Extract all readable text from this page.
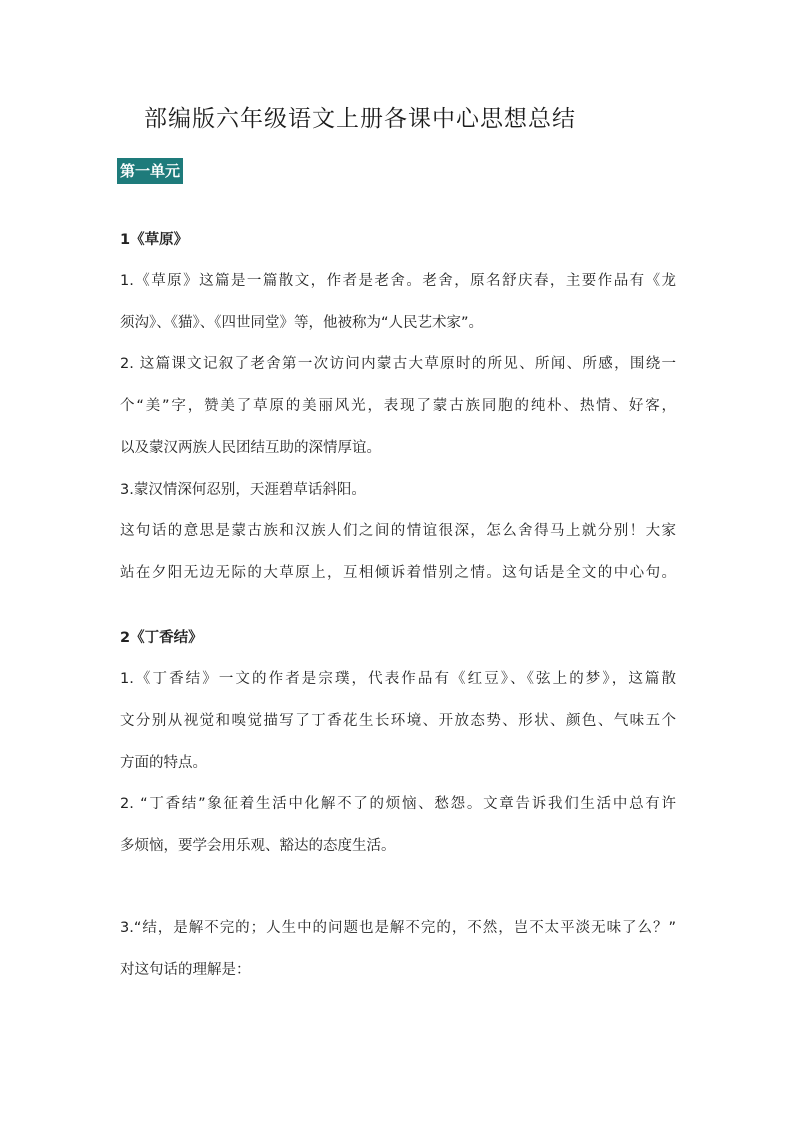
部编版六年级语文上册各课中心思想总结
第一单元
1《草原》
1.《草原》这篇是一篇散文，作者是老舍。老舍，原名舒庆春，主要作品有《龙
须沟》、《猫》、《四世同堂》等，他被称为“人民艺术家”。
2. 这篇课文记叙了老舍第一次访问内蒙古大草原时的所见、所闻、所感，围绕一
个“美”字，赞美了草原的美丽风光，表现了蒙古族同胞的纯朴、热情、好客，
以及蒙汉两族人民团结互助的深情厚谊。
3.蒙汉情深何忍别，天涯碧草话斜阳。
这句话的意思是蒙古族和汉族人们之间的情谊很深，怎么舍得马上就分别！大家
站在夕阳无边无际的大草原上，互相倾诉着惜别之情。这句话是全文的中心句。
2《丁香结》
1.《丁香结》一文的作者是宗璞，代表作品有《红豆》、《弦上的梦》，这篇散
文分别从视觉和嗅觉描写了丁香花生长环境、开放态势、形状、颜色、气味五个
方面的特点。
2. “丁香结”象征着生活中化解不了的烦恼、愁怨。文章告诉我们生活中总有许
多烦恼，要学会用乐观、豁达的态度生活。
3.“结，是解不完的；人生中的问题也是解不完的，不然，岂不太平淡无味了么？”
对这句话的理解是：
